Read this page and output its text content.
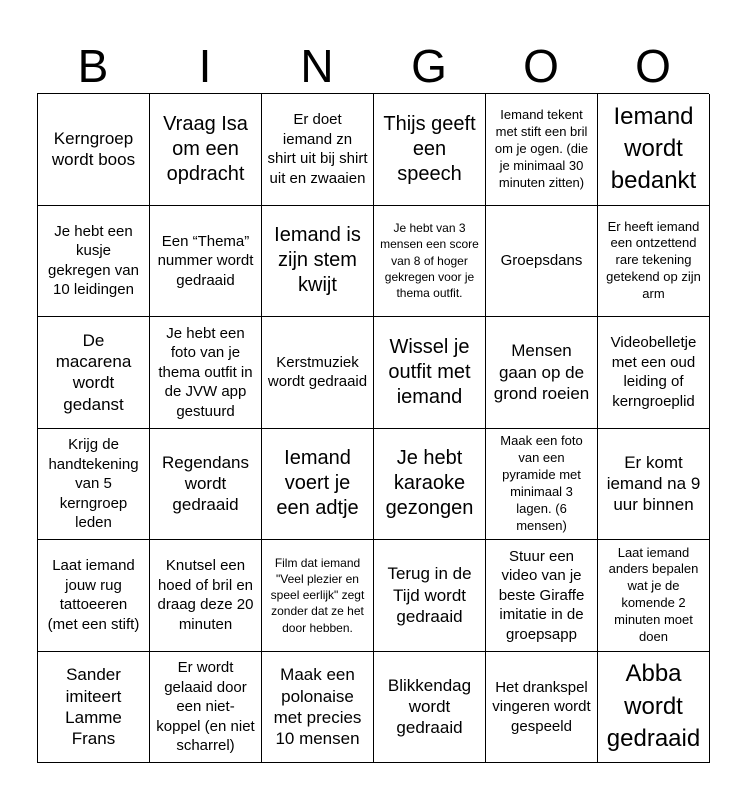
B	I	N	G	O	O
Kerngroep wordt boos
Vraag Isa om een opdracht
Er doet iemand zn shirt uit bij shirt uit en zwaaien
Thijs geeft een speech
Iemand tekent met stift een bril om je ogen. (die je minimaal 30 minuten zitten)
Iemand wordt bedankt
Je hebt een kusje gekregen van 10 leidingen
Een “Thema” nummer wordt gedraaid
Iemand is zijn stem kwijt
Je hebt van 3 mensen een score van 8 of hoger gekregen voor je thema outfit.
Groepsdans
Er heeft iemand een ontzettend rare tekening getekend op zijn arm
De macarena wordt gedanst
Je hebt een foto van je thema outfit in de JVW app gestuurd
Kerstmuziek wordt gedraaid
Wissel je outfit met iemand
Mensen gaan op de grond roeien
Videobelletje met een oud leiding of kerngroeplid
Krijg de handtekening van 5 kerngroep leden
Regendans wordt gedraaid
Iemand voert je een adtje
Je hebt karaoke gezongen
Maak een foto van een pyramide met minimaal 3 lagen. (6 mensen)
Er komt iemand na 9 uur binnen
Laat iemand jouw rug tattoeeren (met een stift)
Knutsel een hoed of bril en draag deze 20 minuten
Film dat iemand "Veel plezier en speel eerlijk" zegt zonder dat ze het door hebben.
Terug in de Tijd wordt gedraaid
Stuur een video van je beste Giraffe imitatie in de groepsapp
Laat iemand anders bepalen wat je de komende 2 minuten moet doen
Sander imiteert Lamme Frans
Er wordt gelaaid door een niet-koppel (en niet scharrel)
Maak een polonaise met precies 10 mensen
Blikkendag wordt gedraaid
Het drankspel vingeren wordt gespeeld
Abba wordt gedraaid
